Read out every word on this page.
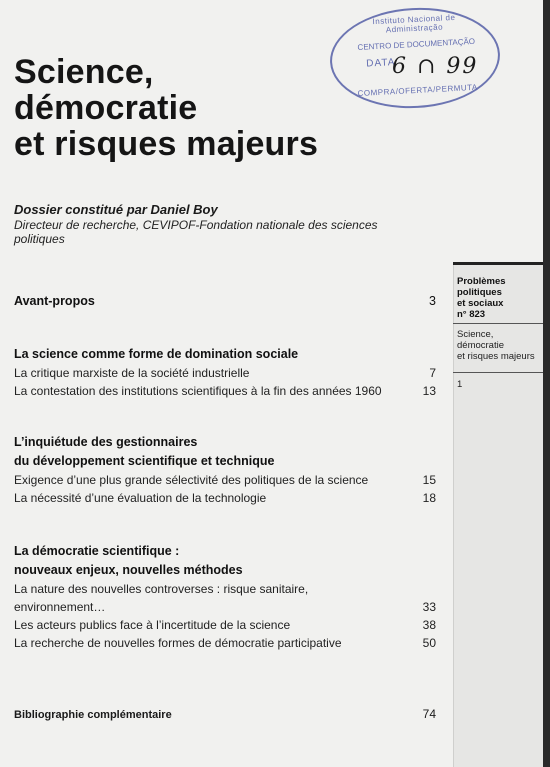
Instituto Nacional de Administração
CENTRO DE DOCUMENTAÇÃO
DATA
COMPRA/OFERTA/PERMUTA
6 ∩ 99
Science,
démocratie
et risques majeurs
Dossier constitué par Daniel Boy
Directeur de recherche, CEVIPOF-Fondation nationale des sciences politiques
Avant-propos	3
La science comme forme de domination sociale
La critique marxiste de la société industrielle	7
La contestation des institutions scientifiques à la fin des années 1960	13
L’inquiétude des gestionnaires
du développement scientifique et technique
Exigence d’une plus grande sélectivité des politiques de la science	15
La nécessité d’une évaluation de la technologie	18
La démocratie scientifique :
nouveaux enjeux, nouvelles méthodes
La nature des nouvelles controverses : risque sanitaire,
environnement…	33
Les acteurs publics face à l’incertitude de la science	38
La recherche de nouvelles formes de démocratie participative	50
Bibliographie complémentaire	74
Problèmes
politiques
et sociaux
n° 823
Science,
démocratie
et risques majeurs
1
